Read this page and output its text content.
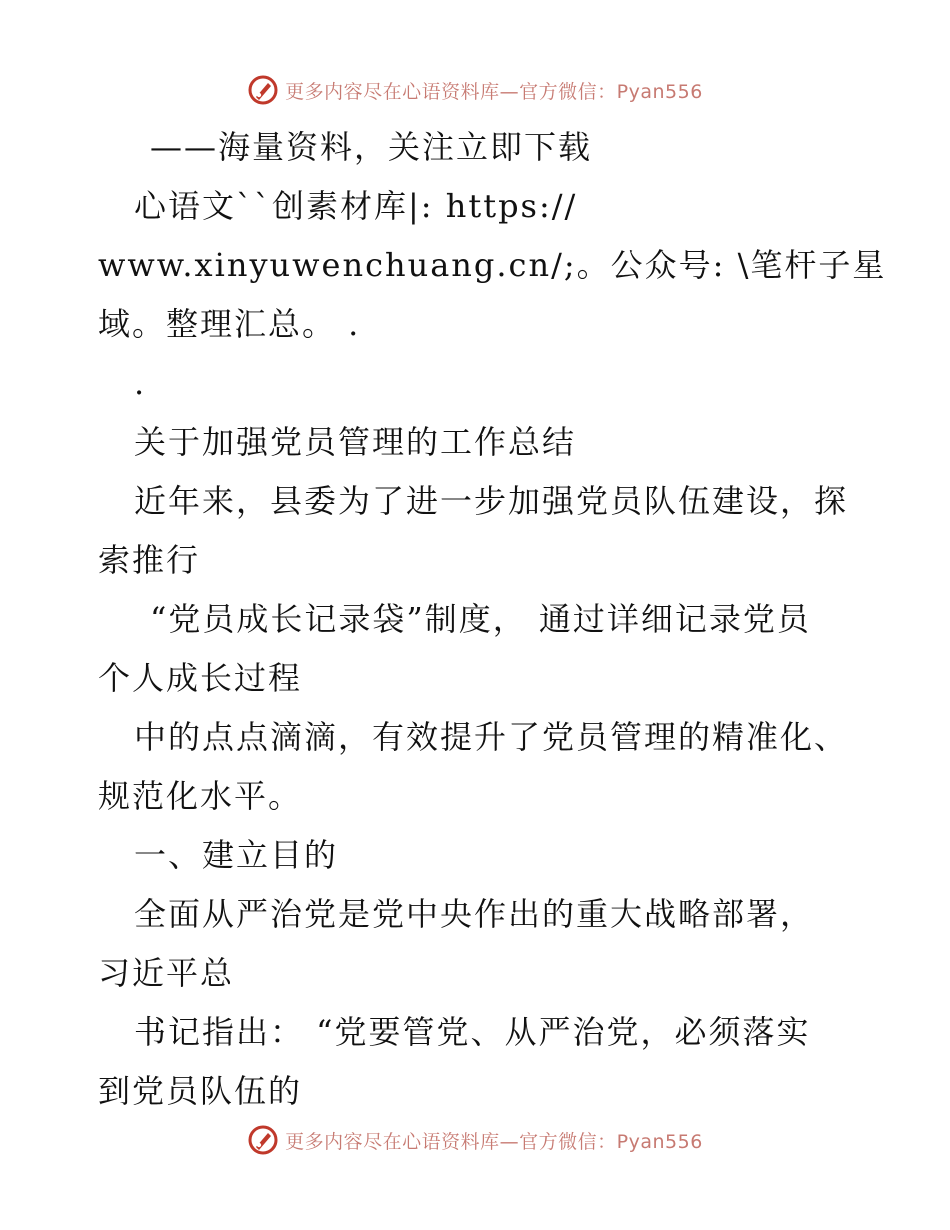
更多内容尽在心语资料库—官方微信：Pyan556
——海量资料，关注立即下载
心语文``创素材库|: https://
www.xinyuwenchuang.cn/;。公众号: \笔杆子星
域。整理汇总。 .
.
关于加强党员管理的工作总结
近年来，县委为了进一步加强党员队伍建设，探
索推行
“党员成长记录袋”制度， 通过详细记录党员
个人成长过程
中的点点滴滴，有效提升了党员管理的精准化、
规范化水平。
一、建立目的
全面从严治党是党中央作出的重大战略部署，
习近平总
书记指出： “党要管党、从严治党，必须落实
到党员队伍的
更多内容尽在心语资料库—官方微信：Pyan556
